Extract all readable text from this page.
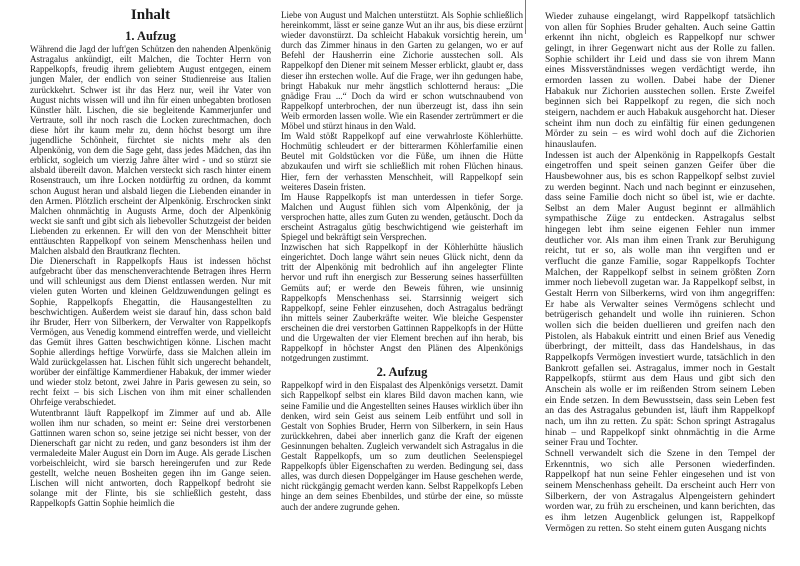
Inhalt
1. Aufzug

Während die Jagd der luft'gen Schützen den nahenden Alpenkönig Astragalus ankündigt, eilt Malchen, die Tochter Herrn von Rappelkopfs, freudig ihrem geliebtem August entgegen, einem jungen Maler, der endlich von seiner Studienreise aus Italien zurückkehrt. Schwer ist ihr das Herz nur, weil ihr Vater von August nichts wissen will und ihn für einen unbegabten brotlosen Künstler hält. Lischen, die sie begleitende Kammerjunfer und Vertraute, soll ihr noch rasch die Locken zurechtmachen, doch diese hört ihr kaum mehr zu, denn höchst besorgt um ihre jugendliche Schönheit, fürchtet sie nichts mehr als den Alpenkönig, von dem die Sage geht, dass jedes Mädchen, das ihn erblickt, sogleich um vierzig Jahre älter wird - und so stürzt sie alsbald übereilt davon. Malchen versteckt sich rasch hinter einem Rosenstrauch, um ihre Locken notdürftig zu ordnen, da kommt schon August heran und alsbald liegen die Liebenden einander in den Armen. Plötzlich erscheint der Alpenkönig. Erschrocken sinkt Malchen ohnmächtig in Augusts Arme, doch der Alpenkönig weckt sie sanft und gibt sich als liebevoller Schutzgeist der beiden Liebenden zu erkennen. Er will den von der Menschheit bitter enttäuschten Rappelkopf von seinem Menschenhass heilen und Malchen alsbald den Brautkranz flechten.

Die Dienerschaft in Rappelkopfs Haus ist indessen höchst aufgebracht über das menschenverachtende Betragen ihres Herrn und will schleunigst aus dem Dienst entlassen werden. Nur mit vielen guten Worten und kleinen Geldzuwendungen gelingt es Sophie, Rappelkopfs Ehegattin, die Hausangestellten zu beschwichtigen. Außerdem weist sie darauf hin, dass schon bald ihr Bruder, Herr von Silberkern, der Verwalter von Rappelkopfs Vermögen, aus Venedig kommend eintreffen werde, und vielleicht das Gemüt ihres Gatten beschwichtigen könne. Lischen macht Sophie allerdings heftige Vorwürfe, dass sie Malchen allein im Wald zurückgelassen hat. Lischen fühlt sich ungerecht behandelt, worüber der einfältige Kammerdiener Habakuk, der immer wieder und wieder stolz betont, zwei Jahre in Paris gewesen zu sein, so recht feixt – bis sich Lischen von ihm mit einer schallenden Ohrfeige verabschiedet.

Wutentbrannt läuft Rappelkopf im Zimmer auf und ab. Alle wollen ihm nur schaden, so meint er: Seine drei verstorbenen Gattinnen waren schon so, seine jetzige sei nicht besser, von der Dienerschaft gar nicht zu reden, und ganz besonders ist ihm der vermaledeite Maler August ein Dorn im Auge. Als gerade Lischen vorbeischleicht, wird sie barsch hereingerufen und zur Rede gestellt, welche neuen Bosheiten gegen ihn im Gange seien. Lischen will nicht antworten, doch Rappelkopf bedroht sie solange mit der Flinte, bis sie schließlich gesteht, dass Rappelkopfs Gattin Sophie heimlich die

Liebe von August und Malchen unterstützt. Als Sophie schließlich hereinkommt, lässt er seine ganze Wut an ihr aus, bis diese erzürnt wieder davonstürzt. Da schleicht Habakuk vorsichtig herein, um durch das Zimmer hinaus in den Garten zu gelangen, wo er auf Befehl der Hausherrin eine Zichorie ausstechen soll. Als Rappelkopf den Diener mit seinem Messer erblickt, glaubt er, dass dieser ihn erstechen wolle. Auf die Frage, wer ihn gedungen habe, bringt Habakuk nur mehr ängstlich schlotternd heraus: „Die gnädige Frau ...“ Doch da wird er schon wutschnaubend von Rappelkopf unterbrochen, der nun überzeugt ist, dass ihn sein Weib ermorden lassen wolle. Wie ein Rasender zertrümmert er die Möbel und stürzt hinaus in den Wald.

Im Wald stößt Rappelkopf auf eine verwahrloste Köhlerhütte. Hochmütig schleudert er der bitterarmen Köhlerfamilie einen Beutel mit Goldstücken vor die Füße, um ihnen die Hütte abzukaufen und wirft sie schließlich mit rohen Flüchen hinaus. Hier, fern der verhassten Menschheit, will Rappelkopf sein weiteres Dasein fristen.

Im Hause Rappelkopfs ist man unterdessen in tiefer Sorge. Malchen und August fühlen sich vom Alpenkönig, der ja versprochen hatte, alles zum Guten zu wenden, getäuscht. Doch da erscheint Astragalus gütig beschwichtigend wie geisterhaft im Spiegel und bekräftigt sein Versprechen.

Inzwischen hat sich Rappelkopf in der Köhlerhütte häuslich eingerichtet. Doch lange währt sein neues Glück nicht, denn da tritt der Alpenkönig mit bedrohlich auf ihn angelegter Flinte hervor und ruft ihn energisch zur Besserung seines hasserfüllten Gemüts auf; er werde den Beweis führen, wie unsinnig Rappelkopfs Menschenhass sei. Starrsinnig weigert sich Rappelkopf, seine Fehler einzusehen, doch Astragalus bedrängt ihn mittels seiner Zauberkräfte weiter. Wie bleiche Gespenster erscheinen die drei verstorben Gattinnen Rappelkopfs in der Hütte und die Urgewalten der vier Element brechen auf ihn herab, bis Rappelkopf in höchster Angst den Plänen des Alpenkönigs notgedrungen zustimmt.

2. Aufzug

Rappelkopf wird in den Eispalast des Alpenkönigs versetzt. Damit sich Rappelkopf selbst ein klares Bild davon machen kann, wie seine Familie und die Angestellten seines Hauses wirklich über ihn denken, wird sein Geist aus seinem Leib entführt und soll in Gestalt von Sophies Bruder, Herrn von Silberkern, in sein Haus zurückkehren, dabei aber innerlich ganz die Kraft der eigenen Gesinnungen behalten. Zugleich verwandelt sich Astragalus in die Gestalt Rappelkopfs, um so zum deutlichen Seelenspiegel Rappelkopfs übler Eigenschaften zu werden. Bedingung sei, dass alles, was durch diesen Doppelgänger im Hause geschehen werde, nicht rückgängig gemacht werden kann. Selbst Rappelkopfs Leben hinge an dem seines Ebenbildes, und stürbe der eine, so müsste auch der andere zugrunde gehen.

Wieder zuhause eingelangt, wird Rappelkopf tatsächlich von allen für Sophies Bruder gehalten. Auch seine Gattin erkennt ihn nicht, obgleich es Rappelkopf nur schwer gelingt, in ihrer Gegenwart nicht aus der Rolle zu fallen. Sophie schildert ihr Leid und dass sie von ihrem Mann eines Missverständnisses wegen verdächtigt werde, ihn ermorden lassen zu wollen. Dabei habe der Diener Habakuk nur Zichorien ausstechen sollen. Erste Zweifel beginnen sich bei Rappelkopf zu regen, die sich noch steigern, nachdem er auch Habakuk ausgehorcht hat. Dieser scheint ihm nun doch zu einfältig für einen gedungenen Mörder zu sein – es wird wohl doch auf die Zichorien hinauslaufen.

Indessen ist auch der Alpenkönig in Rappelkopfs Gestalt eingetroffen und speit seinen ganzen Geifer über die Hausbewohner aus, bis es schon Rappelkopf selbst zuviel zu werden beginnt. Nach und nach beginnt er einzusehen, dass seine Familie doch nicht so übel ist, wie er dachte. Selbst an dem Maler August beginnt er allmählich sympathische Züge zu entdecken. Astragalus selbst hingegen lebt ihm seine eigenen Fehler nun immer deutlicher vor. Als man ihm einen Trank zur Beruhigung reicht, tut er so, als wolle man ihn vergiften und er verflucht die ganze Familie, sogar Rappelkopfs Tochter Malchen, der Rappelkopf selbst in seinem größten Zorn immer noch liebevoll zugetan war. Ja Rappelkopf selbst, in Gestalt Herrn von Silberkerns, wird von ihm angegriffen: Er habe als Verwalter seines Vermögens schlecht und betrügerisch gehandelt und wolle ihn ruinieren. Schon wollen sich die beiden duellieren und greifen nach den Pistolen, als Habakuk eintritt und einen Brief aus Venedig überbringt, der mitteilt, dass das Handelshaus, in das Rappelkopfs Vermögen investiert wurde, tatsächlich in den Bankrott gefallen sei. Astragalus, immer noch in Gestalt Rappelkopfs, stürmt aus dem Haus und gibt sich den Anschein als wolle er im reißenden Strom seinem Leben ein Ende setzen. In dem Bewusstsein, dass sein Leben fest an das des Astragalus gebunden ist, läuft ihm Rappelkopf nach, um ihn zu retten. Zu spät: Schon springt Astragalus hinab – und Rappelkopf sinkt ohnmächtig in die Arme seiner Frau und Tochter.

Schnell verwandelt sich die Szene in den Tempel der Erkenntnis, wo sich alle Personen wiederfinden. Rappelkopf hat nun seine Fehler eingesehen und ist von seinem Menschenhass geheilt. Da erscheint auch Herr von Silberkern, der von Astragalus Alpengeistern gehindert worden war, zu früh zu erscheinen, und kann berichten, das es ihm letzen Augenblick gelungen ist, Rappelkopf Vermögen zu retten. So steht einem guten Ausgang nichts
